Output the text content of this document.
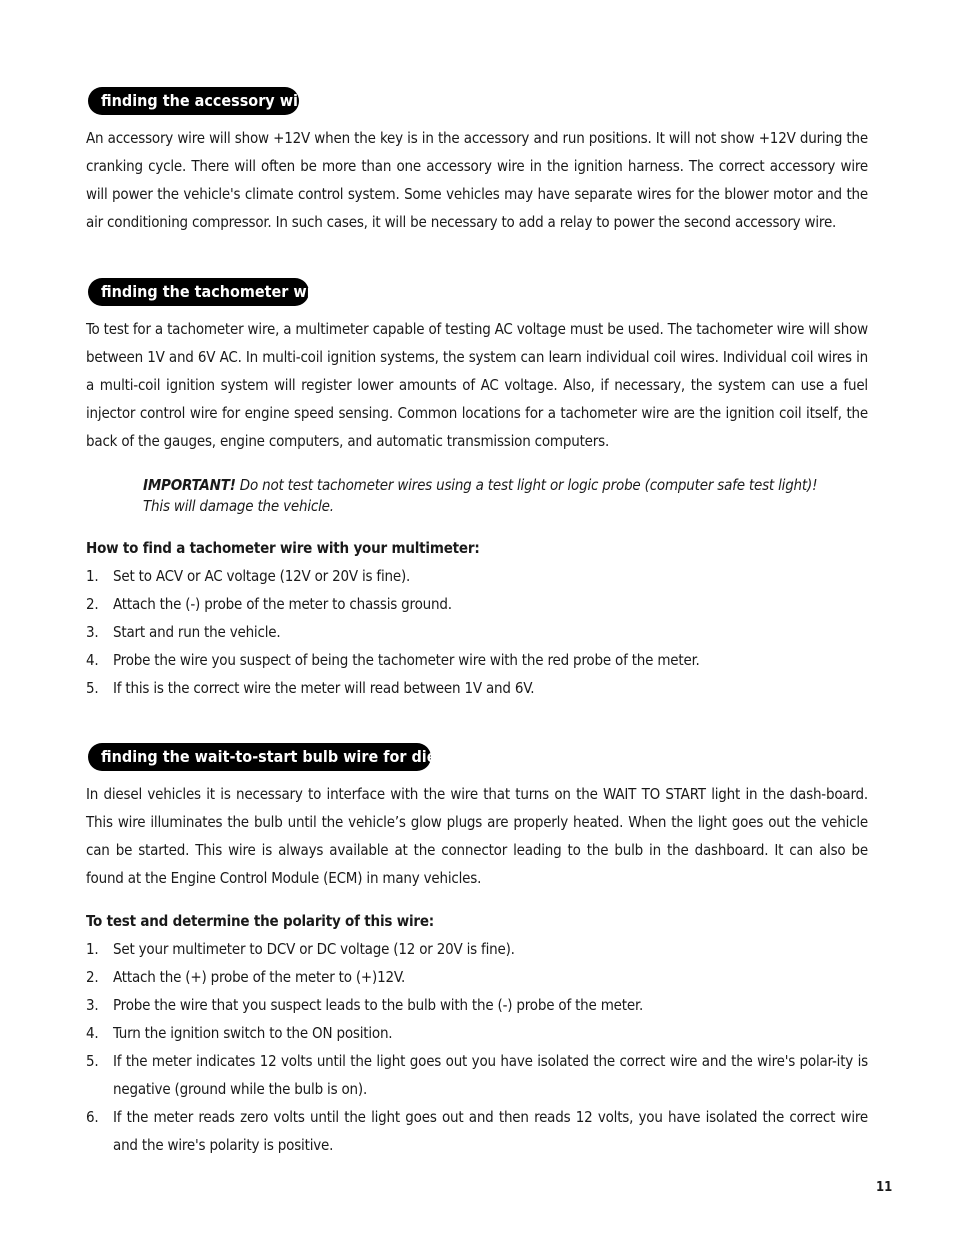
finding the accessory wire

An accessory wire will show +12V when the key is in the accessory and run positions. It will not show +12V during the cranking cycle. There will often be more than one accessory wire in the ignition harness. The correct accessory wire will power the vehicle's climate control system. Some vehicles may have separate wires for the blower motor and the air conditioning compressor. In such cases, it will be necessary to add a relay to power the second accessory wire.

finding the tachometer wire

To test for a tachometer wire, a multimeter capable of testing AC voltage must be used. The tachometer wire will show between 1V and 6V AC. In multi-coil ignition systems, the system can learn individual coil wires. Individual coil wires in a multi-coil ignition system will register lower amounts of AC voltage. Also, if necessary, the system can use a fuel injector control wire for engine speed sensing. Common locations for a tachometer wire are the ignition coil itself, the back of the gauges, engine computers, and automatic transmission computers.

IMPORTANT! Do not test tachometer wires using a test light or logic probe (computer safe test light)!
This will damage the vehicle.

How to find a tachometer wire with your multimeter:

1. Set to ACV or AC voltage (12V or 20V is fine).
2. Attach the (-) probe of the meter to chassis ground.
3. Start and run the vehicle.
4. Probe the wire you suspect of being the tachometer wire with the red probe of the meter.
5. If this is the correct wire the meter will read between 1V and 6V.
finding the wait-to-start bulb wire for diesels

In diesel vehicles it is necessary to interface with the wire that turns on the WAIT TO START light in the dash-board. This wire illuminates the bulb until the vehicle’s glow plugs are properly heated. When the light goes out the vehicle can be started. This wire is always available at the connector leading to the bulb in the dashboard. It can also be found at the Engine Control Module (ECM) in many vehicles.

To test and determine the polarity of this wire:

1. Set your multimeter to DCV or DC voltage (12 or 20V is fine).
2. Attach the (+) probe of the meter to (+)12V.
3. Probe the wire that you suspect leads to the bulb with the (-) probe of the meter.
4. Turn the ignition switch to the ON position.
5. If the meter indicates 12 volts until the light goes out you have isolated the correct wire and the wire's polar-ity is negative (ground while the bulb is on).
6. If the meter reads zero volts until the light goes out and then reads 12 volts, you have isolated the correct wire and the wire's polarity is positive.
11
